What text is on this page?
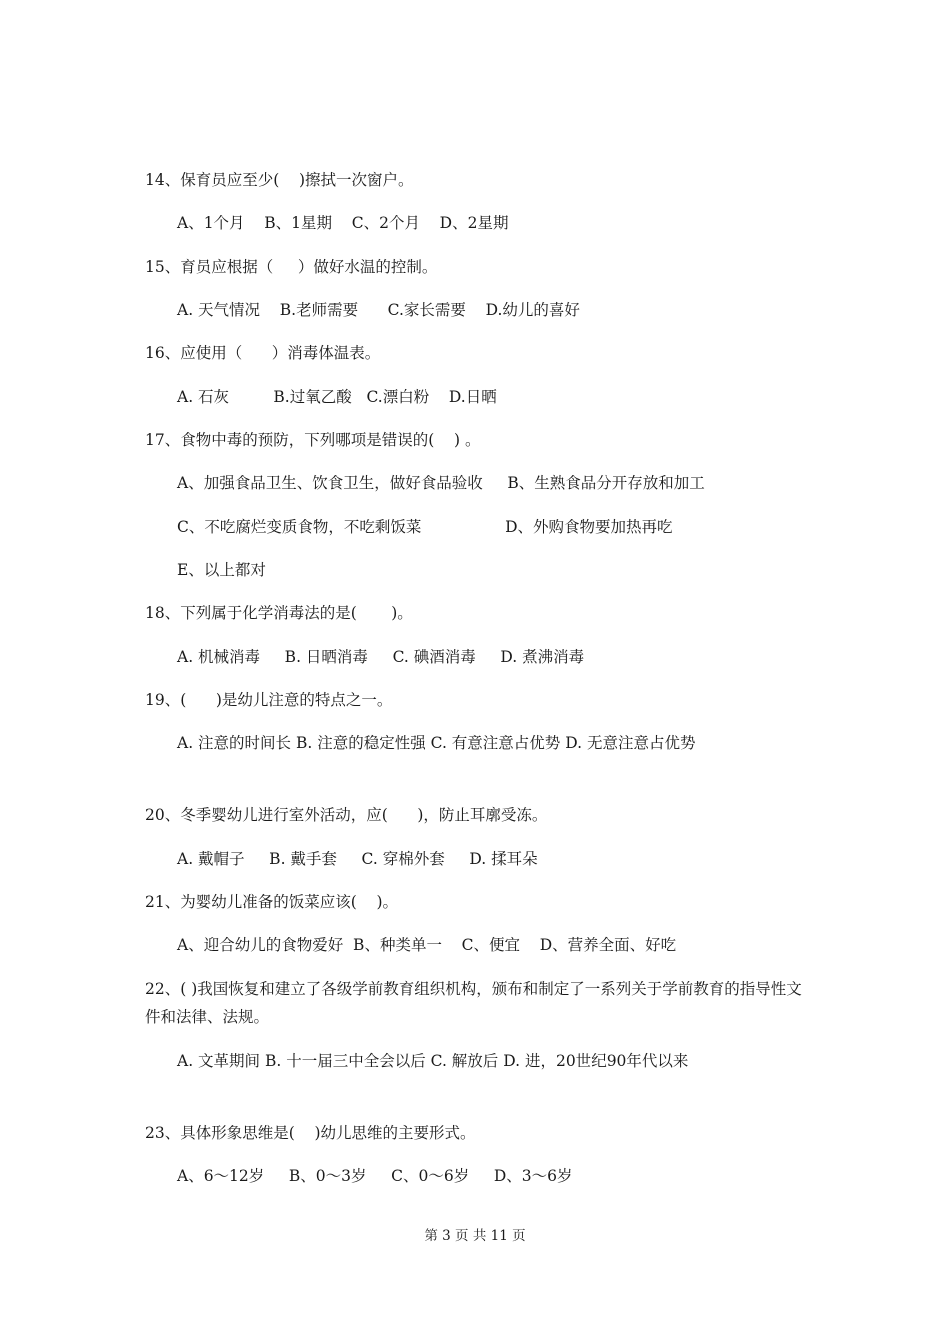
14、保育员应至少(    )擦拭一次窗户。
A、1个月    B、1星期    C、2个月    D、2星期
15、育员应根据（     ）做好水温的控制。
A. 天气情况    B.老师需要      C.家长需要    D.幼儿的喜好
16、应使用（      ）消毒体温表。
A. 石灰         B.过氧乙酸   C.漂白粉    D.日晒
17、食物中毒的预防，下列哪项是错误的(    ) 。
A、加强食品卫生、饮食卫生，做好食品验收     B、生熟食品分开存放和加工
C、不吃腐烂变质食物，不吃剩饭菜                 D、外购食物要加热再吃
E、以上都对
18、下列属于化学消毒法的是(       )。
A. 机械消毒     B. 日晒消毒     C. 碘酒消毒     D. 煮沸消毒
19、(      )是幼儿注意的特点之一。
A. 注意的时间长 B. 注意的稳定性强 C. 有意注意占优势 D. 无意注意占优势
20、冬季婴幼儿进行室外活动，应(      )，防止耳廓受冻。
A. 戴帽子     B. 戴手套     C. 穿棉外套     D. 揉耳朵
21、为婴幼儿准备的饭菜应该(    )。
A、迎合幼儿的食物爱好  B、种类单一    C、便宜    D、营养全面、好吃
22、( )我国恢复和建立了各级学前教育组织机构，颁布和制定了一系列关于学前教育的指导性文件和法律、法规。
A. 文革期间 B. 十一届三中全会以后 C. 解放后 D. 进，20世纪90年代以来
23、具体形象思维是(    )幼儿思维的主要形式。
A、6～12岁     B、0～3岁     C、0～6岁     D、3～6岁
第 3 页 共 11 页
